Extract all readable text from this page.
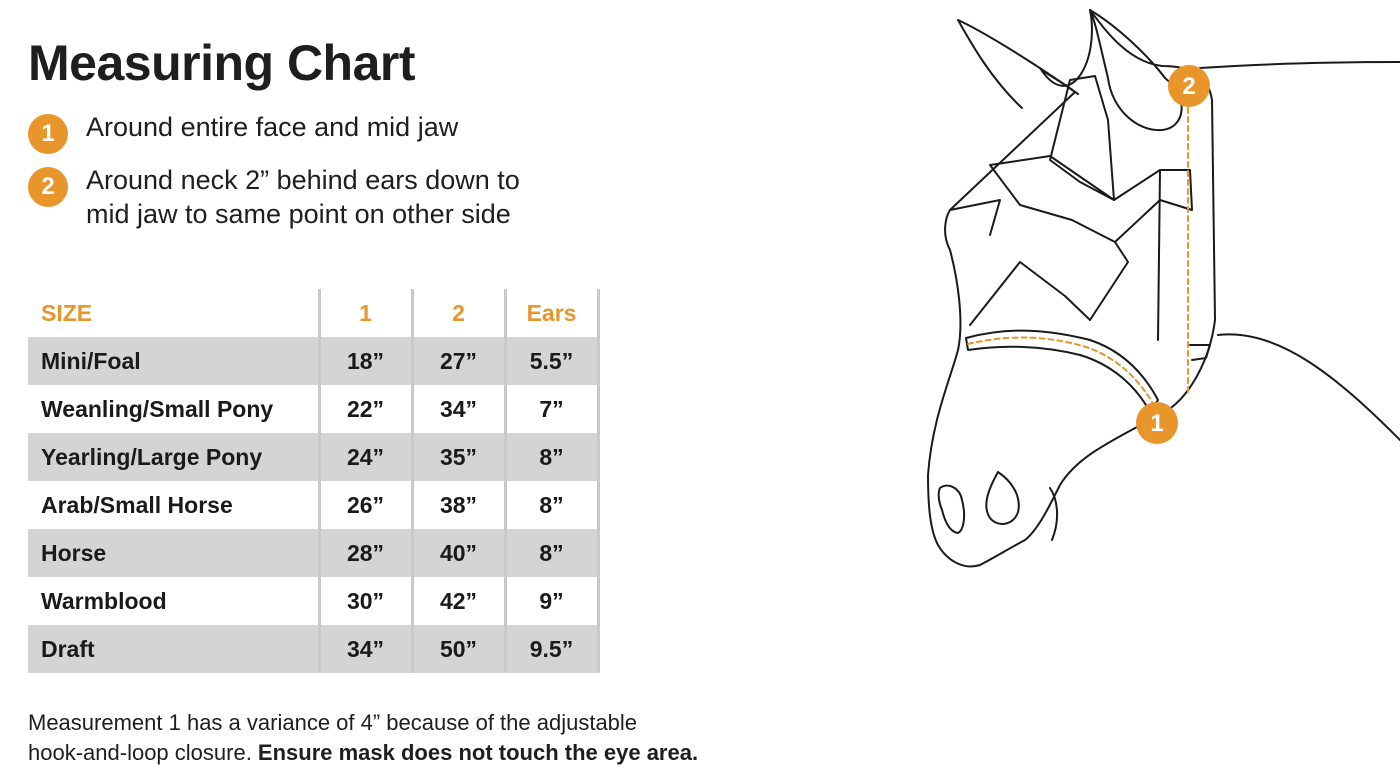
Measuring Chart
1	Around entire face and mid jaw
2	Around neck 2” behind ears down to
mid jaw to same point on other side
SIZE	1	2	Ears
Mini/Foal	18”	27”	5.5”
Weanling/Small Pony	22”	34”	7”
Yearling/Large Pony	24”	35”	8”
Arab/Small Horse	26”	38”	8”
Horse	28”	40”	8”
Warmblood	30”	42”	9”
Draft	34”	50”	9.5”
Measurement 1 has a variance of 4” because of the adjustable
hook-and-loop closure. Ensure mask does not touch the eye area.
2
1
